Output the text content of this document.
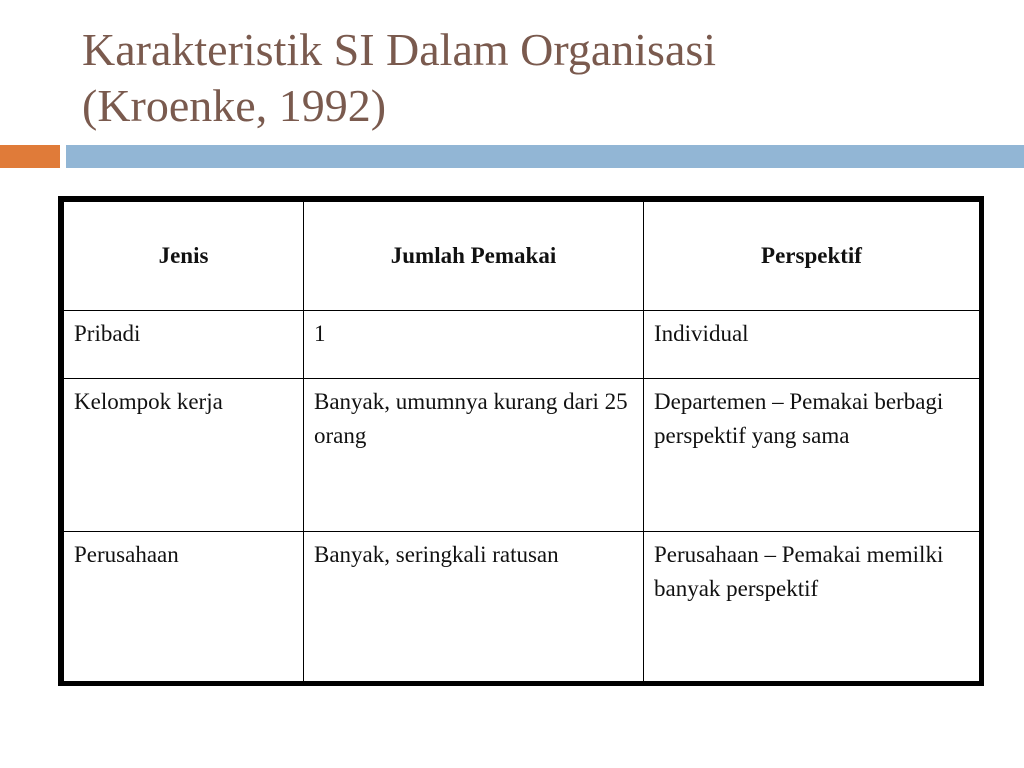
Karakteristik SI Dalam Organisasi
(Kroenke, 1992)
Jenis	Jumlah Pemakai	Perspektif
Pribadi	1	Individual
Kelompok kerja	Banyak, umumnya kurang dari 25 orang	Departemen – Pemakai berbagi perspektif yang sama
Perusahaan	Banyak, seringkali ratusan	Perusahaan – Pemakai memilki banyak perspektif
